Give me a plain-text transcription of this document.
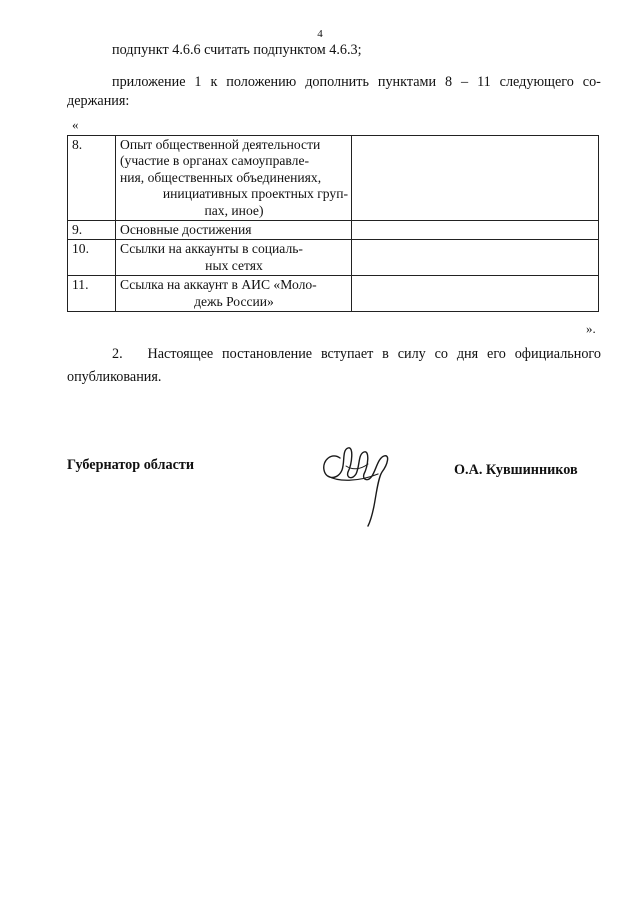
4
подпункт 4.6.6 считать подпунктом 4.6.3;
приложение 1 к положению дополнить пунктами 8 – 11 следующего со-
держания:
«
8.	Опыт общественной деятельности
(участие в органах самоуправле-
ния, общественных объединениях,
инициативных проектных груп-
пах, иное)	

9.	Основные достижения	

10.	Ссылки на аккаунты в социаль-
ных сетях	

11.	Ссылка на аккаунт в АИС «Моло-
дежь России»	

».
2. Настоящее постановление вступает в силу со дня его официального
опубликования.
Губернатор области	О.А. Кувшинников
